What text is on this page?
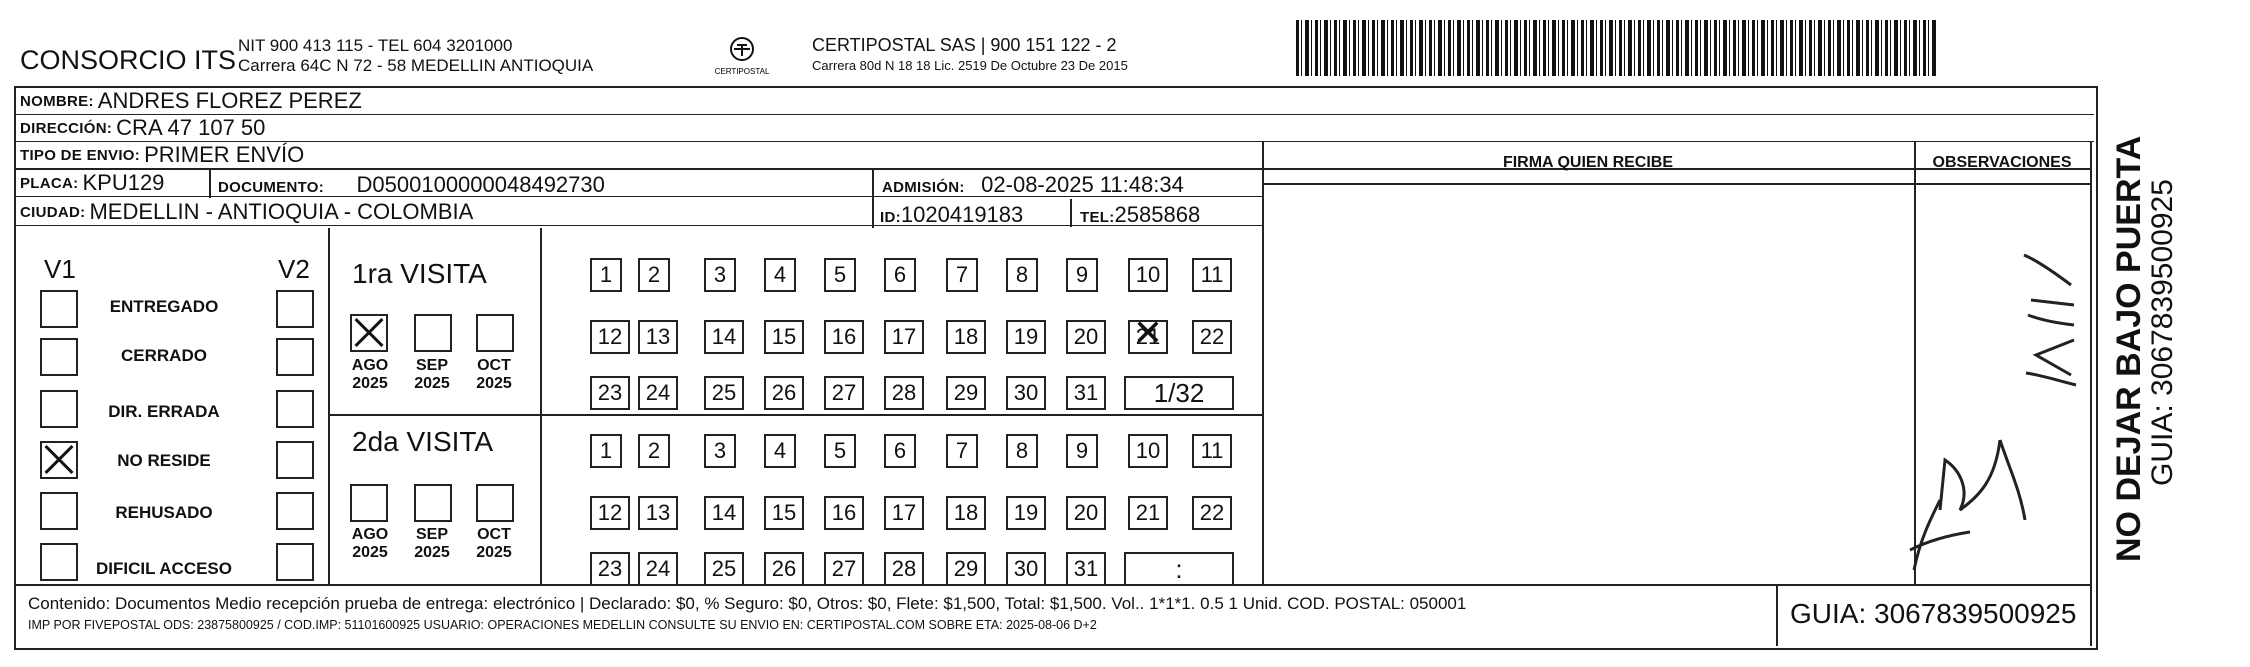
CONSORCIO ITS NIT 900 413 115 - TEL 604 3201000
Carrera 64C N 72 - 58 MEDELLIN ANTIOQUIA	CERTIPOSTAL
CERTIPOSTAL SAS | 900 151 122 - 2
Carrera 80d N 18 18 Lic. 2519 De Octubre 23 De 2015
NOMBRE: ANDRES FLOREZ PEREZ
DIRECCIÓN: CRA 47 107 50
TIPO DE ENVIO: PRIMER ENVÍO	FIRMA QUIEN RECIBE	OBSERVACIONES
PLACA: KPU129	DOCUMENTO: D0500100000048492730	ADMISIÓN: 02-08-2025 11:48:34
CIUDAD: MEDELLIN - ANTIOQUIA - COLOMBIA	ID:1020419183	TEL:2585868
V1	V2
ENTREGADO
CERRADO
DIR. ERRADA
NO RESIDE
REHUSADO
DIFICIL ACCESO
1ra VISITA
AGO
2025
SEP
2025
OCT
2025
2da VISITA
AGO
2025
SEP
2025
OCT
2025
1	2	3	4	5	6	7	8	9	10	11
12	13	14	15	16	17	18	19	20	21 ✕	22
23	24	25	26	27	28	29	30	31	1/32
1	2	3	4	5	6	7	8	9	10	11
12	13	14	15	16	17	18	19	20	21	22
23	24	25	26	27	28	29	30	31	:
NO DEJAR BAJO PUERTA
GUIA: 3067839500925
Contenido: Documentos Medio recepción prueba de entrega: electrónico | Declarado: $0, % Seguro: $0, Otros: $0, Flete: $1,500, Total: $1,500. Vol.. 1*1*1. 0.5 1 Unid. COD. POSTAL: 050001
IMP POR FIVEPOSTAL ODS: 23875800925 / COD.IMP: 51101600925 USUARIO: OPERACIONES MEDELLIN CONSULTE SU ENVIO EN: CERTIPOSTAL.COM SOBRE ETA: 2025-08-06 D+2	GUIA: 3067839500925
